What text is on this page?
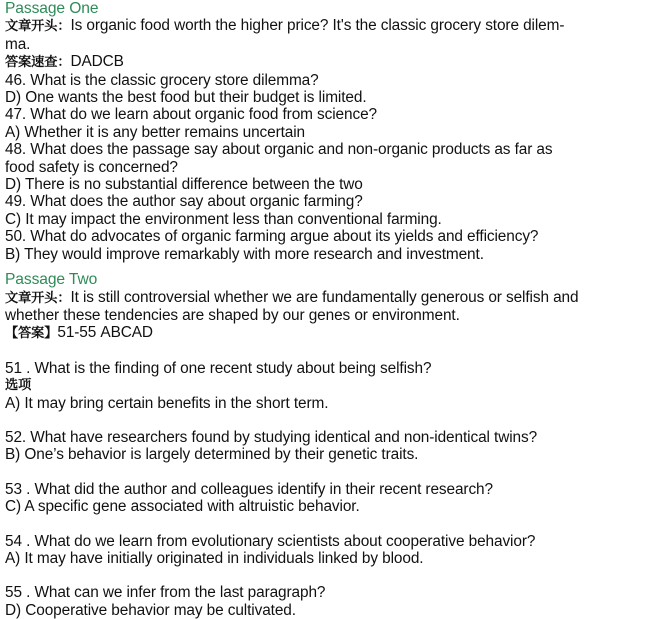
Passage One
文章开头：Is organic food worth the higher price? It's the classic grocery store dilem-
ma.
答案速查：DADCB
46. What is the classic grocery store dilemma?
D) One wants the best food but their budget is limited.
47. What do we learn about organic food from science?
A) Whether it is any better remains uncertain
48. What does the passage say about organic and non-organic products as far as
food safety is concerned?
D) There is no substantial difference between the two
49. What does the author say about organic farming?
C) It may impact the environment less than conventional farming.
50. What do advocates of organic farming argue about its yields and efficiency?
B) They would improve remarkably with more research and investment.
Passage Two
文章开头：It is still controversial whether we are fundamentally generous or selfish and
whether these tendencies are shaped by our genes or environment.
【答案】51-55 ABCAD
51 . What is the finding of one recent study about being selfish?
选项
A) It may bring certain benefits in the short term.
52. What have researchers found by studying identical and non-identical twins?
B) One’s behavior is largely determined by their genetic traits.
53 . What did the author and colleagues identify in their recent research?
C) A specific gene associated with altruistic behavior.
54 . What do we learn from evolutionary scientists about cooperative behavior?
A) It may have initially originated in individuals linked by blood.
55 . What can we infer from the last paragraph?
D) Cooperative behavior may be cultivated.
